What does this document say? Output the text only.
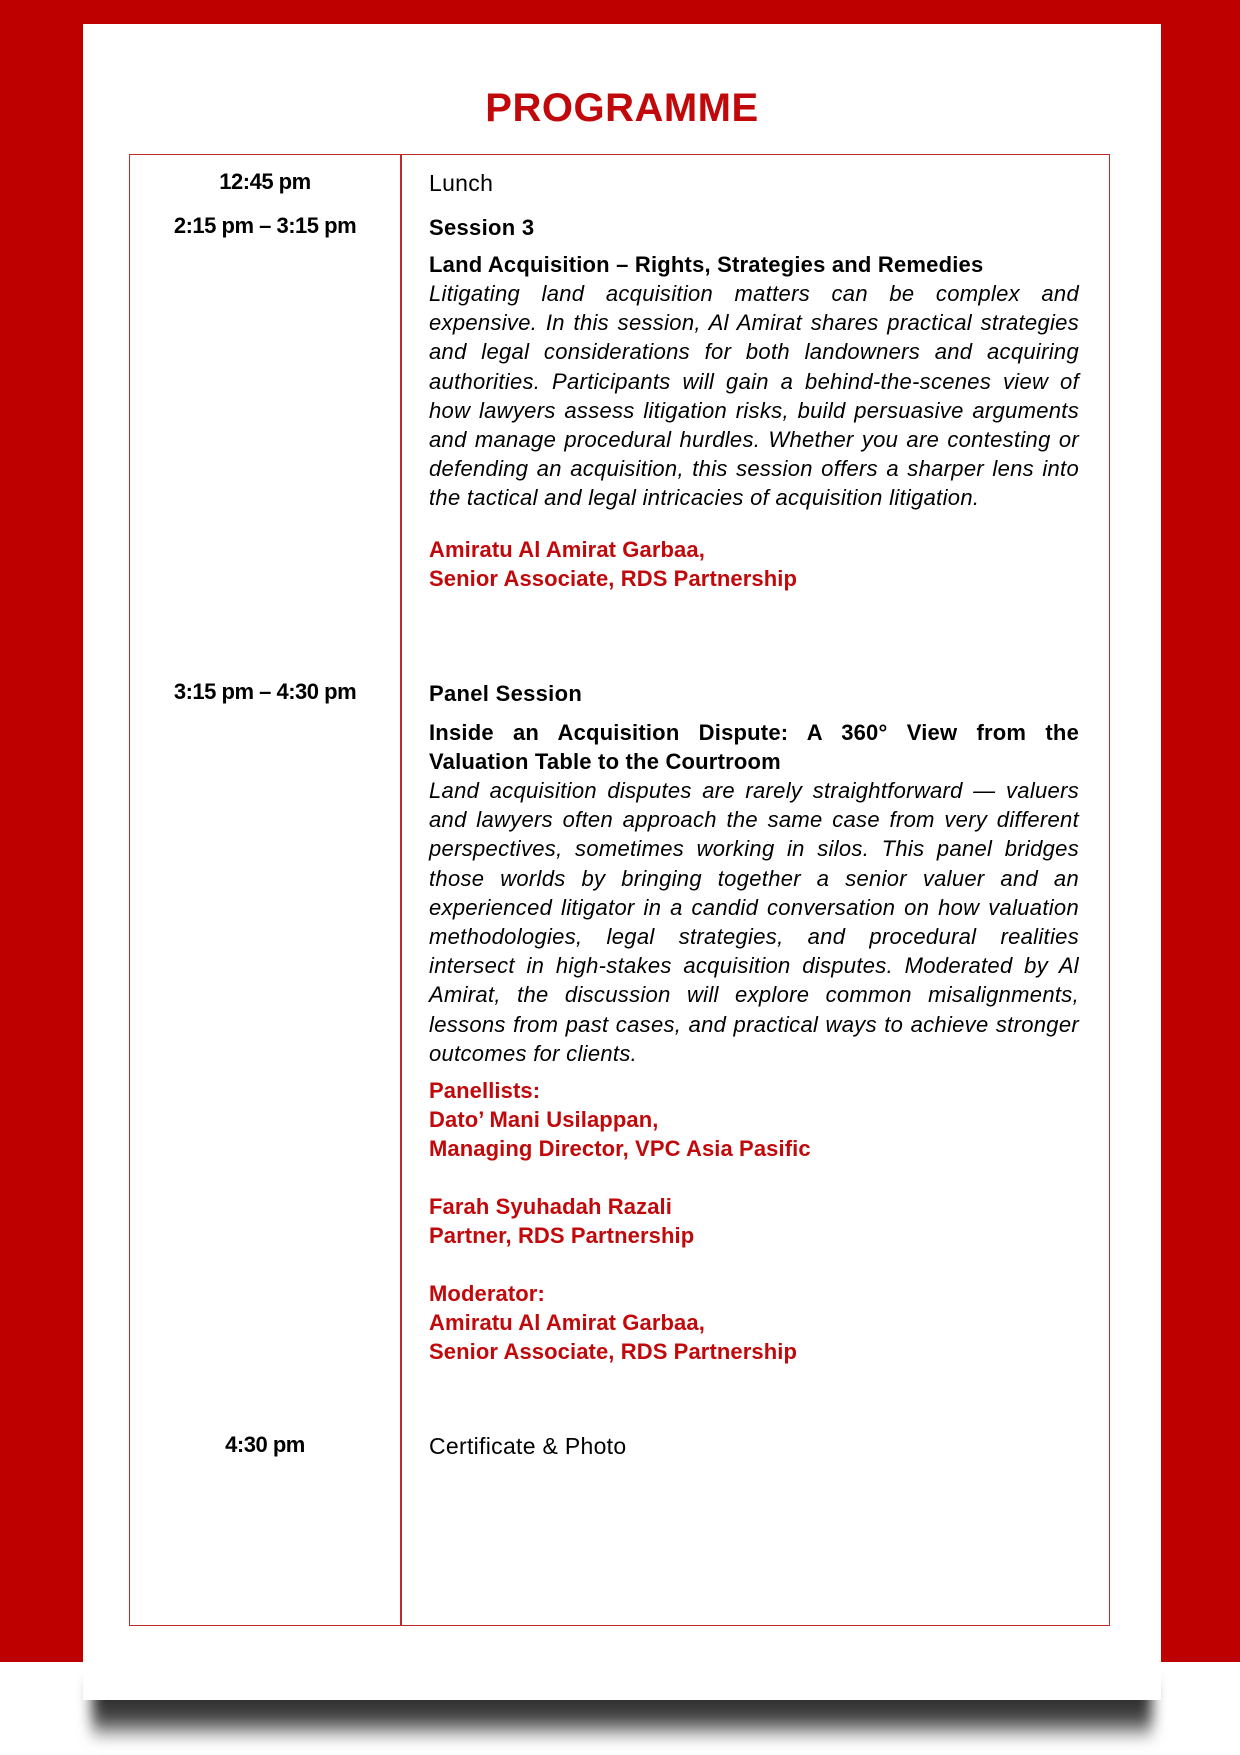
PROGRAMME
12:45 pm	Lunch
2:15 pm – 3:15 pm	Session 3
Land Acquisition – Rights, Strategies and Remedies
Litigating land acquisition matters can be complex and expensive. In this session, Al Amirat shares practical strategies and legal considerations for both landowners and acquiring authorities. Participants will gain a behind-the-scenes view of how lawyers assess litigation risks, build persuasive arguments and manage procedural hurdles. Whether you are contesting or defending an acquisition, this session offers a sharper lens into the tactical and legal intricacies of acquisition litigation.
Amiratu Al Amirat Garbaa,
Senior Associate, RDS Partnership
3:15 pm – 4:30 pm	Panel Session
Inside an Acquisition Dispute: A 360° View from the Valuation Table to the Courtroom
Land acquisition disputes are rarely straightforward — valuers and lawyers often approach the same case from very different perspectives, sometimes working in silos. This panel bridges those worlds by bringing together a senior valuer and an experienced litigator in a candid conversation on how valuation methodologies, legal strategies, and procedural realities intersect in high-stakes acquisition disputes. Moderated by Al Amirat, the discussion will explore common misalignments, lessons from past cases, and practical ways to achieve stronger outcomes for clients.
Panellists:
Dato’ Mani Usilappan,
Managing Director, VPC Asia Pasific
Farah Syuhadah Razali
Partner, RDS Partnership
Moderator:
Amiratu Al Amirat Garbaa,
Senior Associate, RDS Partnership
4:30 pm	Certificate & Photo
